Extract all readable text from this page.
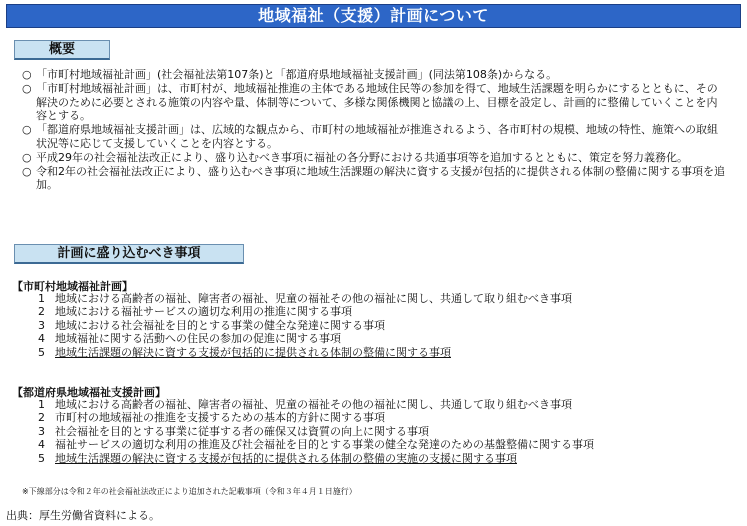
地域福祉（支援）計画について
概要
○ 「市町村地域福祉計画」(社会福祉法第107条)と「都道府県地域福祉支援計画」(同法第108条)からなる。
○ 「市町村地域福祉計画」は、市町村が、地域福祉推進の主体である地域住民等の参加を得て、地域生活課題を明らかにするとともに、その解決のために必要とされる施策の内容や量、体制等について、多様な関係機関と協議の上、目標を設定し、計画的に整備していくことを内容とする。
○ 「都道府県地域福祉支援計画」は、広域的な観点から、市町村の地域福祉が推進されるよう、各市町村の規模、地域の特性、施策への取組状況等に応じて支援していくことを内容とする。
○ 平成29年の社会福祉法改正により、盛り込むべき事項に福祉の各分野における共通事項等を追加するとともに、策定を努力義務化。
○ 令和2年の社会福祉法改正により、盛り込むべき事項に地域生活課題の解決に資する支援が包括的に提供される体制の整備に関する事項を追加。
計画に盛り込むべき事項
【市町村地域福祉計画】
1 地域における高齢者の福祉、障害者の福祉、児童の福祉その他の福祉に関し、共通して取り組むべき事項
2 地域における福祉サービスの適切な利用の推進に関する事項
3 地域における社会福祉を目的とする事業の健全な発達に関する事項
4 地域福祉に関する活動への住民の参加の促進に関する事項
5 地域生活課題の解決に資する支援が包括的に提供される体制の整備に関する事項
【都道府県地域福祉支援計画】
1 地域における高齢者の福祉、障害者の福祉、児童の福祉その他の福祉に関し、共通して取り組むべき事項
2 市町村の地域福祉の推進を支援するための基本的方針に関する事項
3 社会福祉を目的とする事業に従事する者の確保又は資質の向上に関する事項
4 福祉サービスの適切な利用の推進及び社会福祉を目的とする事業の健全な発達のための基盤整備に関する事項
5 地域生活課題の解決に資する支援が包括的に提供される体制の整備の実施の支援に関する事項
※下線部分は令和２年の社会福祉法改正により追加された記載事項（令和３年４月１日施行）
出典：厚生労働省資料による。
